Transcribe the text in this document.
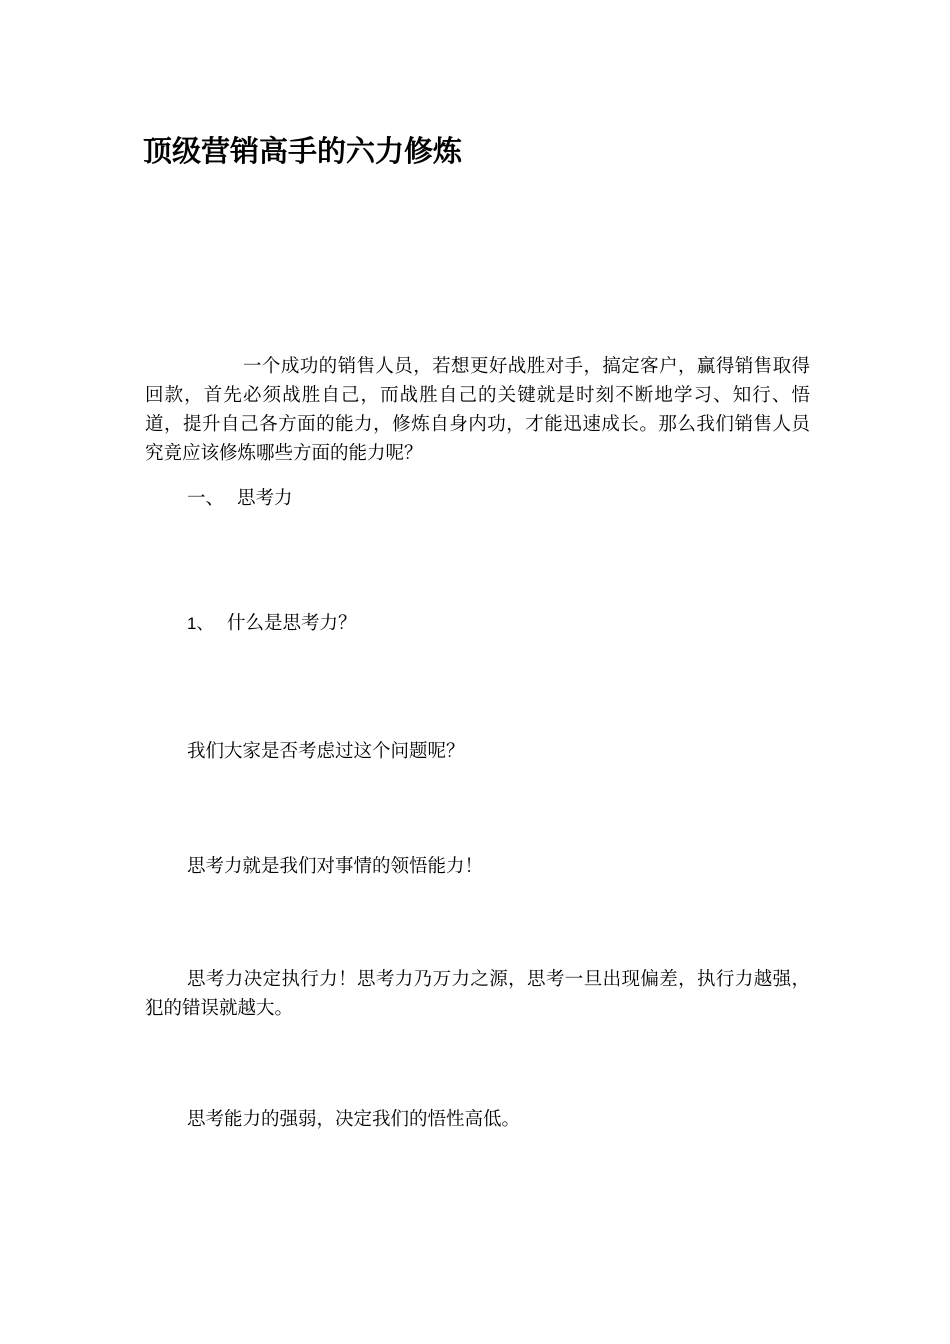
顶级营销高手的六力修炼

一个成功的销售人员，若想更好战胜对手，搞定客户，赢得销售取得回款，首先必须战胜自己，而战胜自己的关键就是时刻不断地学习、知行、悟道，提升自己各方面的能力，修炼自身内功，才能迅速成长。那么我们销售人员究竟应该修炼哪些方面的能力呢？

一、 思考力
1、 什么是思考力？
我们大家是否考虑过这个问题呢？
思考力就是我们对事情的领悟能力！

思考力决定执行力！思考力乃万力之源，思考一旦出现偏差，执行力越强，犯的错误就越大。

思考能力的强弱，决定我们的悟性高低。
